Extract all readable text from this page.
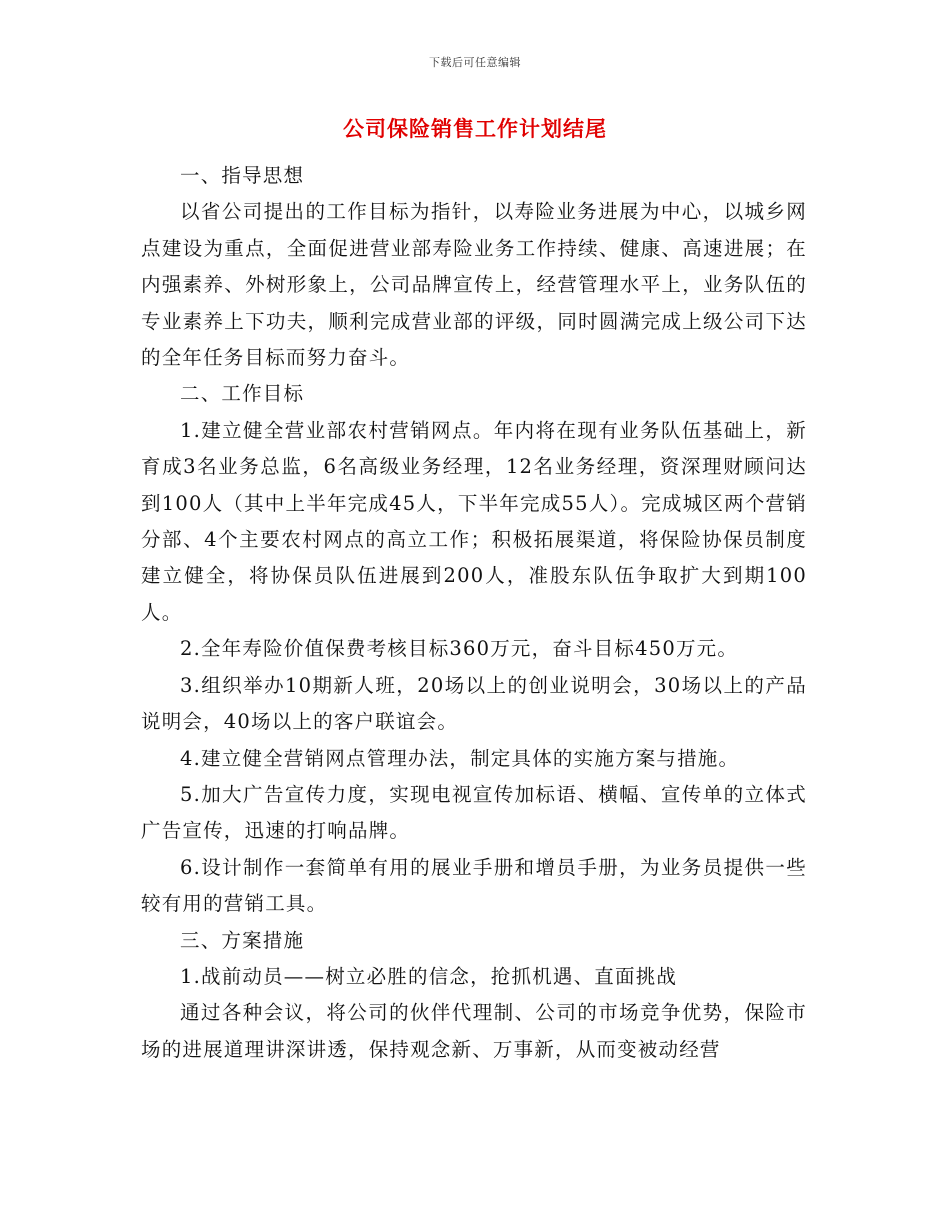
下载后可任意编辑
公司保险销售工作计划结尾

一、指导思想

以省公司提出的工作目标为指针，以寿险业务进展为中心，以城乡网点建设为重点，全面促进营业部寿险业务工作持续、健康、高速进展；在内强素养、外树形象上，公司品牌宣传上，经营管理水平上，业务队伍的专业素养上下功夫，顺利完成营业部的评级，同时圆满完成上级公司下达的全年任务目标而努力奋斗。

二、工作目标

1.建立健全营业部农村营销网点。年内将在现有业务队伍基础上，新育成3名业务总监，6名高级业务经理，12名业务经理，资深理财顾问达到100人（其中上半年完成45人，下半年完成55人）。完成城区两个营销分部、4个主要农村网点的高立工作；积极拓展渠道，将保险协保员制度建立健全，将协保员队伍进展到200人，准股东队伍争取扩大到期100人。

2.全年寿险价值保费考核目标360万元，奋斗目标450万元。

3.组织举办10期新人班，20场以上的创业说明会，30场以上的产品说明会，40场以上的客户联谊会。

4.建立健全营销网点管理办法，制定具体的实施方案与措施。

5.加大广告宣传力度，实现电视宣传加标语、横幅、宣传单的立体式广告宣传，迅速的打响品牌。

6.设计制作一套简单有用的展业手册和增员手册，为业务员提供一些较有用的营销工具。

三、方案措施

1.战前动员——树立必胜的信念，抢抓机遇、直面挑战

通过各种会议，将公司的伙伴代理制、公司的市场竞争优势，保险市场的进展道理讲深讲透，保持观念新、万事新，从而变被动经营
